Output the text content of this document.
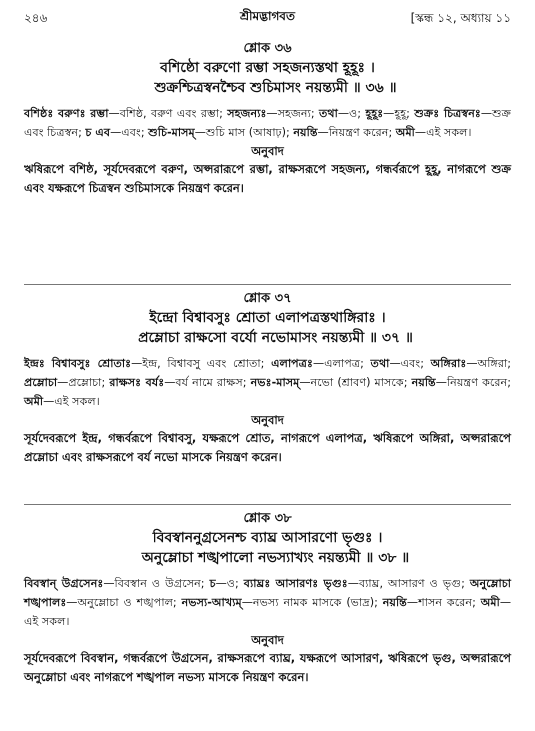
২৪৬	শ্রীমদ্ভাগবত	[স্কন্ধ ১২, অধ্যায় ১১
শ্লোক ৩৬
বশিষ্ঠো বরুণো রম্ভা সহজন্যস্তথা হূহূঃ ।
শুক্রশ্চিত্রস্বনশ্চৈব শুচিমাসং নয়ন্ত্যমী ॥ ৩৬ ॥
বশিষ্ঠঃ বরুণঃ রম্ভা—বশিষ্ঠ, বরুণ এবং রম্ভা; সহজন্যঃ—সহজন্য; তথা—ও; হূহূঃ—হূহূ; শুক্রঃ চিত্রস্বনঃ—শুক্র এবং চিত্রস্বন; চ এব—এবং; শুচি-মাসম্—শুচি মাস (আষাঢ়); নয়ন্তি—নিয়ন্ত্রণ করেন; অমী—এই সকল।
অনুবাদ
ঋষিরূপে বশিষ্ঠ, সূর্যদেবরূপে বরুণ, অপ্সরারূপে রম্ভা, রাক্ষসরূপে সহজন্য, গন্ধর্বরূপে হূহূ, নাগরূপে শুক্র এবং যক্ষরূপে চিত্রস্বন শুচিমাসকে নিয়ন্ত্রণ করেন।
শ্লোক ৩৭
ইন্দ্রো বিশ্বাবসুঃ শ্রোতা এলাপত্রস্তথাঙ্গিরাঃ ।
প্রম্লোচা রাক্ষসো বর্যো নভোমাসং নয়ন্ত্যমী ॥ ৩৭ ॥
ইন্দ্রঃ বিশ্বাবসুঃ শ্রোতাঃ—ইন্দ্র, বিশ্বাবসু এবং শ্রোতা; এলাপত্রঃ—এলাপত্র; তথা—এবং; অঙ্গিরাঃ—অঙ্গিরা; প্রম্লোচা—প্রম্লোচা; রাক্ষসঃ বর্যঃ—বর্য নামে রাক্ষস; নভঃ-মাসম্—নভো (শ্রাবণ) মাসকে; নয়ন্তি—নিয়ন্ত্রণ করেন; অমী—এই সকল।
অনুবাদ
সূর্যদেবরূপে ইন্দ্র, গন্ধর্বরূপে বিশ্বাবসু, যক্ষরূপে শ্রোত, নাগরূপে এলাপত্র, ঋষিরূপে অঙ্গিরা, অপ্সরারূপে প্রম্লোচা এবং রাক্ষসরূপে বর্য নভো মাসকে নিয়ন্ত্রণ করেন।
শ্লোক ৩৮
বিবস্বাননুগ্রসেনশ্চ ব্যাঘ্র আসারণো ভৃগুঃ ।
অনুম্লোচা শঙ্খপালো নভস্যাখ্যং নয়ন্ত্যমী ॥ ৩৮ ॥
বিবস্বান্ উগ্রসেনঃ—বিবস্বান ও উগ্রসেন; চ—ও; ব্যাঘ্রঃ আসারণঃ ভৃগুঃ—ব্যাঘ্র, আসারণ ও ভৃগু; অনুম্লোচা শঙ্খপালঃ—অনুম্লোচা ও শঙ্খপাল; নভস্য-আখ্যম্—নভস্য নামক মাসকে (ভাদ্র); নয়ন্তি—শাসন করেন; অমী—এই সকল।
অনুবাদ
সূর্যদেবরূপে বিবস্বান, গন্ধর্বরূপে উগ্রসেন, রাক্ষসরূপে ব্যাঘ্র, যক্ষরূপে আসারণ, ঋষিরূপে ভৃগু, অপ্সরারূপে অনুম্লোচা এবং নাগরূপে শঙ্খপাল নভস্য মাসকে নিয়ন্ত্রণ করেন।
